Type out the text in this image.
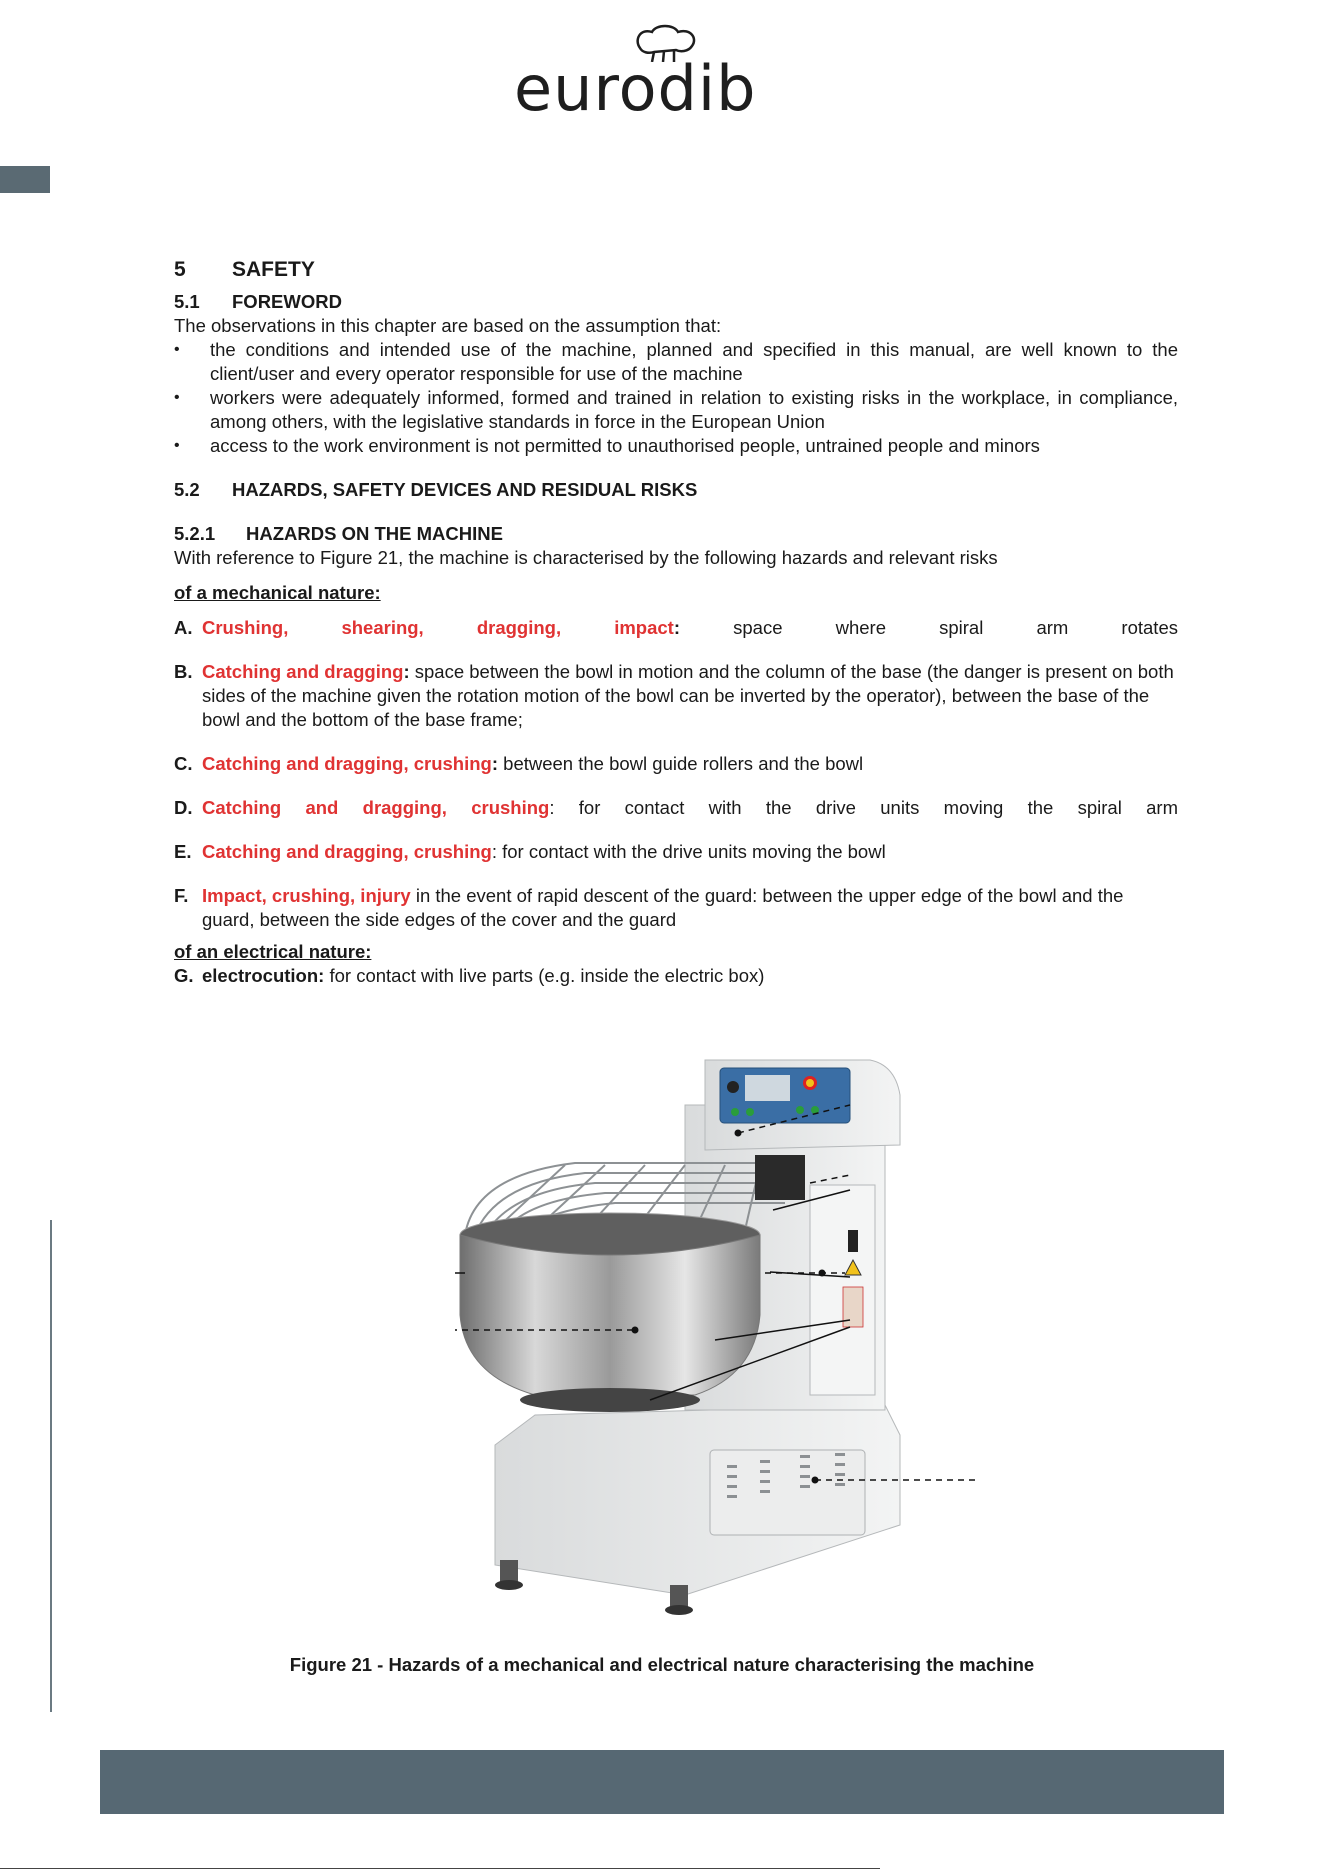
eurodib
5 SAFETY
5.1 FOREWORD

The observations in this chapter are based on the assumption that:

• the conditions and intended use of the machine, planned and specified in this manual, are well known to the client/user and every operator responsible for use of the machine
• workers were adequately informed, formed and trained in relation to existing risks in the workplace, in compliance, among others, with the legislative standards in force in the European Union
• access to the work environment is not permitted to unauthorised people, untrained people and minors
5.2 HAZARDS, SAFETY DEVICES AND RESIDUAL RISKS
5.2.1 HAZARDS ON THE MACHINE

With reference to Figure 21, the machine is characterised by the following hazards and relevant risks

of a mechanical nature:

A. Crushing, shearing, dragging, impact: space where spiral arm rotates
B. Catching and dragging: space between the bowl in motion and the column of the base (the danger is present on both sides of the machine given the rotation motion of the bowl can be inverted by the operator), between the base of the bowl and the bottom of the base frame;
C. Catching and dragging, crushing: between the bowl guide rollers and the bowl
D. Catching and dragging, crushing: for contact with the drive units moving the spiral arm
E. Catching and dragging, crushing: for contact with the drive units moving the bowl
F. Impact, crushing, injury in the event of rapid descent of the guard: between the upper edge of the bowl and the guard, between the side edges of the cover and the guard

of an electrical nature:

G. electrocution: for contact with live parts (e.g. inside the electric box)
Figure 21 - Hazards of a mechanical and electrical nature characterising the machine
